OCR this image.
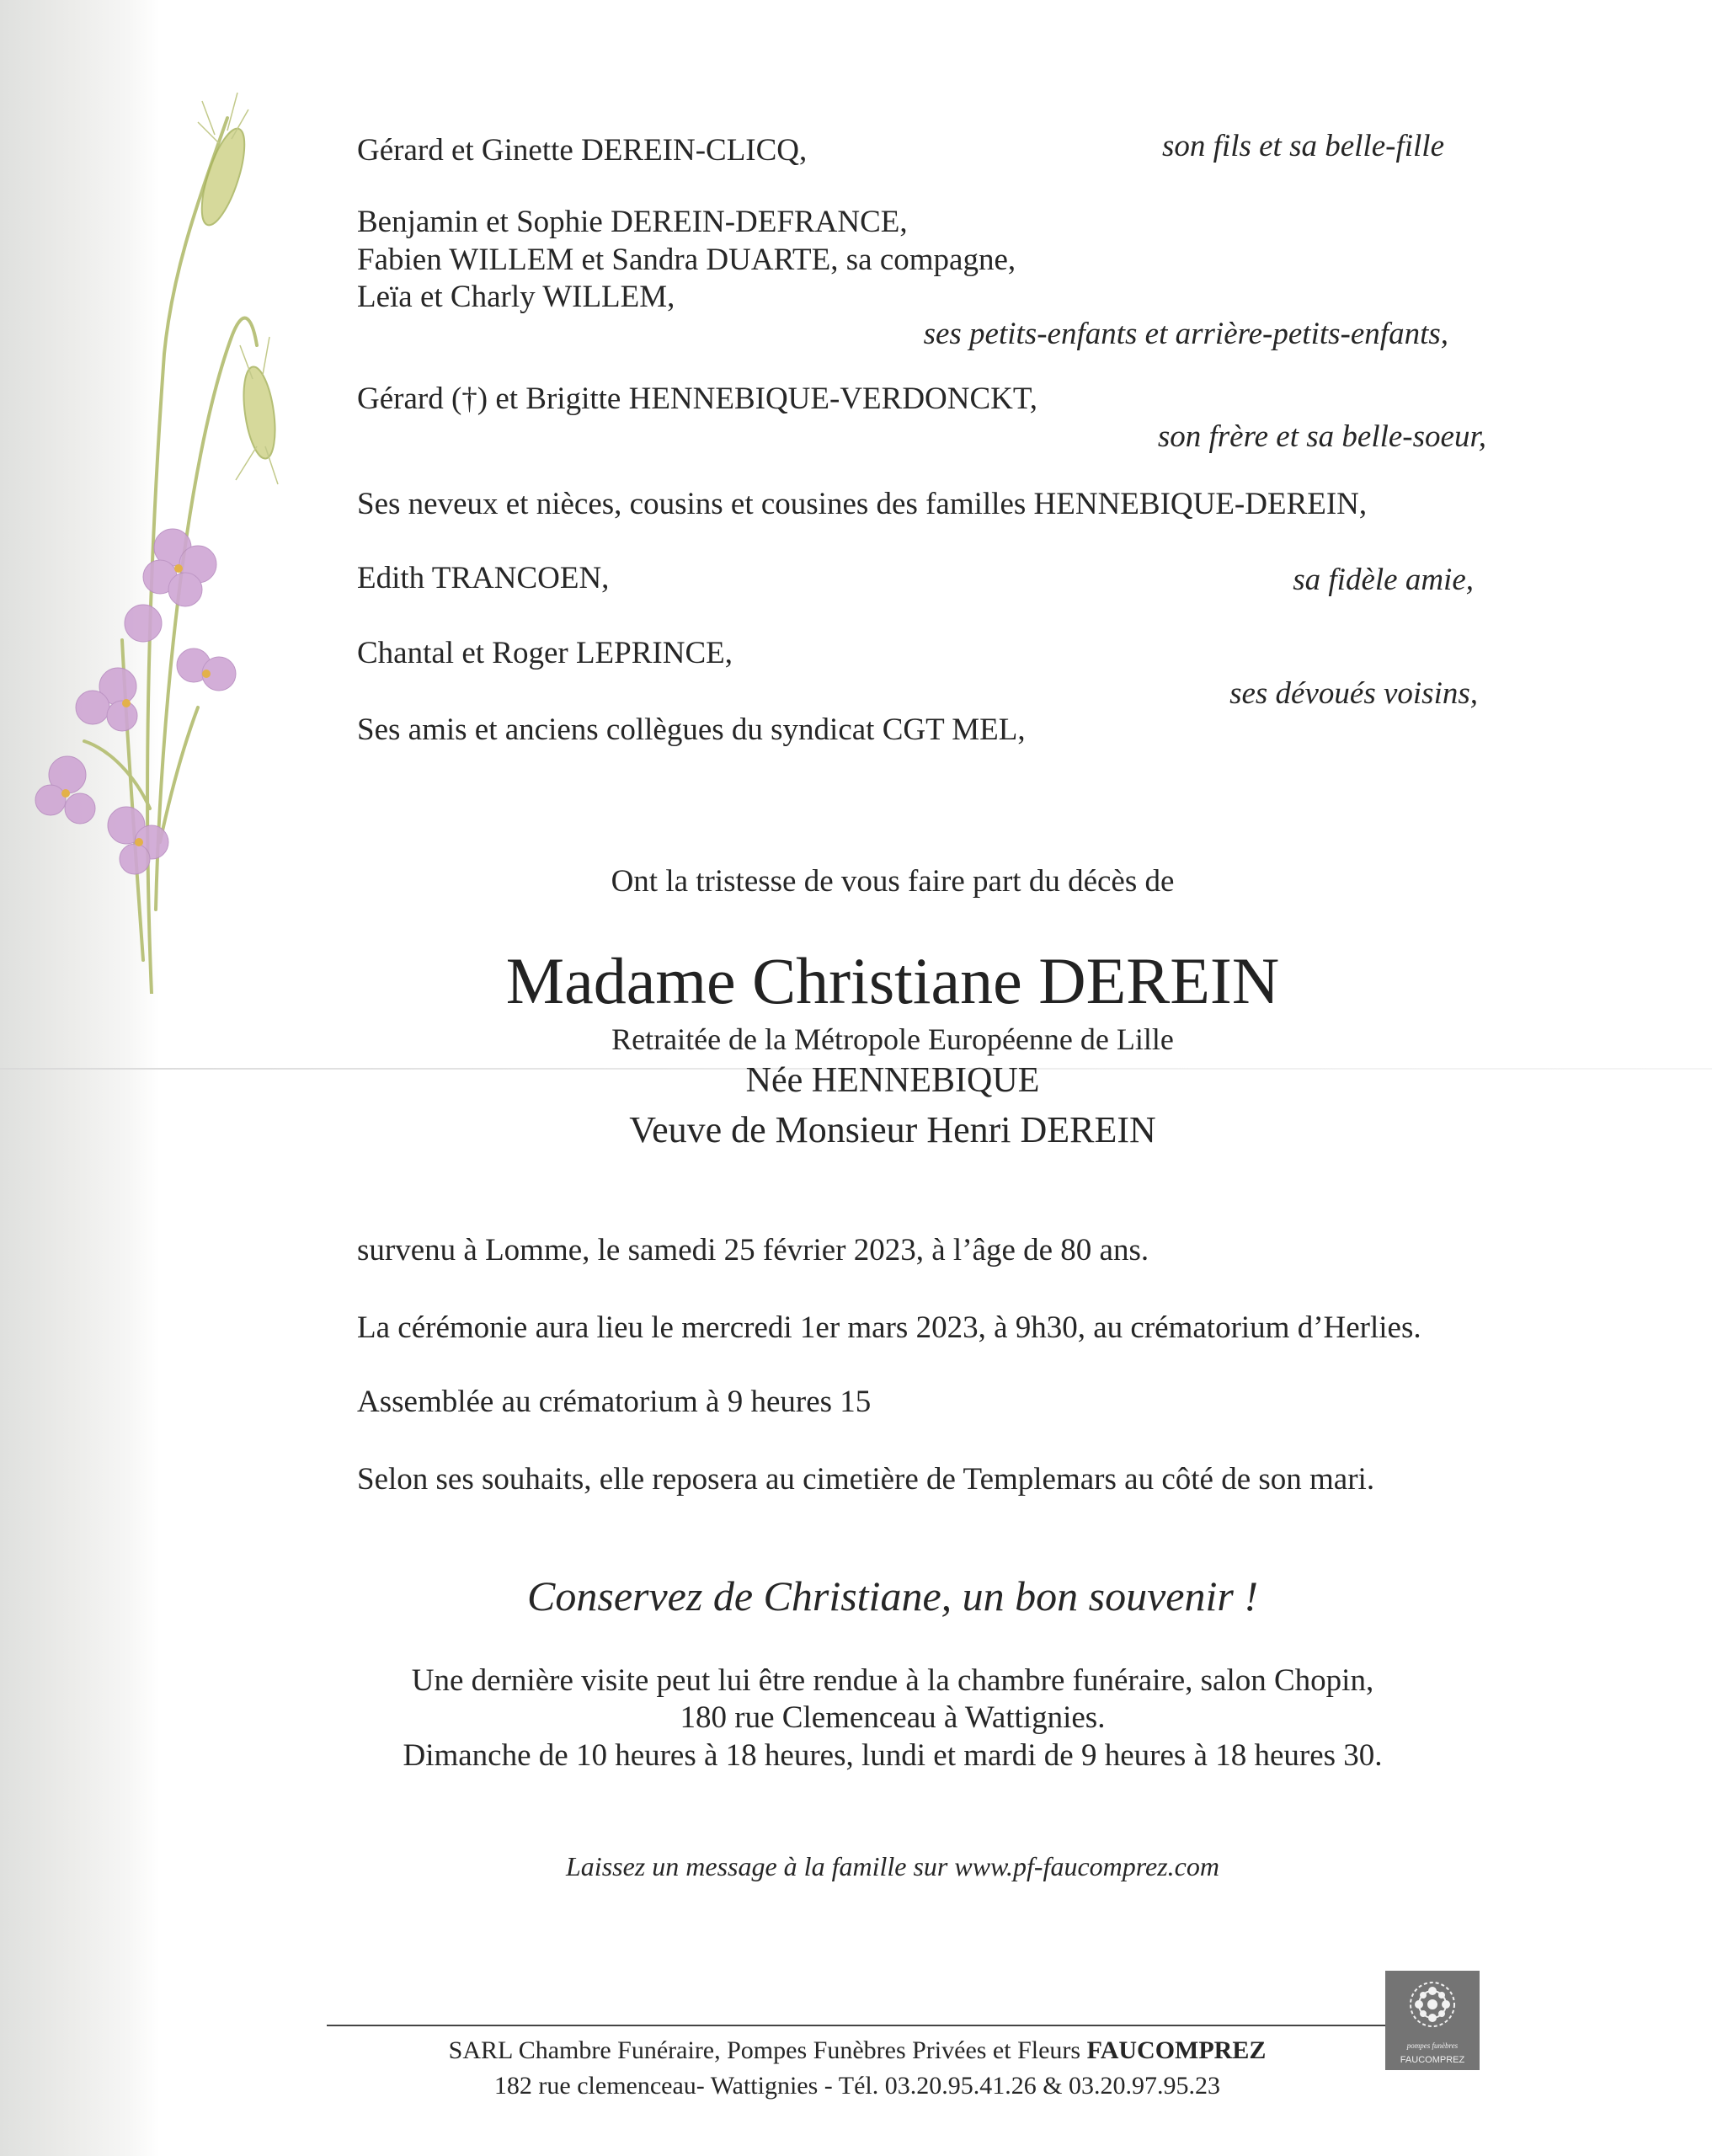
Gérard et Ginette DEREIN-CLICQ,	son fils et sa belle-fille
Benjamin et Sophie DEREIN-DEFRANCE,
Fabien WILLEM et Sandra DUARTE, sa compagne,
Leïa et Charly WILLEM,
ses petits-enfants et arrière-petits-enfants,
Gérard (†) et Brigitte HENNEBIQUE-VERDONCKT,
son frère et sa belle-soeur,
Ses neveux et nièces, cousins et cousines des familles HENNEBIQUE-DEREIN,
Edith TRANCOEN,	sa fidèle amie,
Chantal et Roger LEPRINCE,
ses dévoués voisins,
Ses amis et anciens collègues du syndicat CGT MEL,
Ont la tristesse de vous faire part du décès de
Madame Christiane DEREIN
Retraitée de la Métropole Européenne de Lille
Née HENNEBIQUE
Veuve de Monsieur Henri DEREIN
survenu à Lomme, le samedi 25 février 2023, à l’âge de 80 ans.
La cérémonie aura lieu le mercredi 1er mars 2023, à 9h30, au crématorium d’Herlies.
Assemblée au crématorium à 9 heures 15
Selon ses souhaits, elle reposera au cimetière de Templemars au côté de son mari.
Conservez de Christiane, un bon souvenir !
Une dernière visite peut lui être rendue à la chambre funéraire, salon Chopin,
180 rue Clemenceau à Wattignies.
Dimanche de 10 heures à 18 heures, lundi et mardi de 9 heures à 18 heures 30.
Laissez un message à la famille sur www.pf-faucomprez.com
SARL Chambre Funéraire, Pompes Funèbres Privées et Fleurs FAUCOMPREZ
182 rue clemenceau- Wattignies - Tél. 03.20.95.41.26 & 03.20.97.95.23
pompes funèbres
FAUCOMPREZ
